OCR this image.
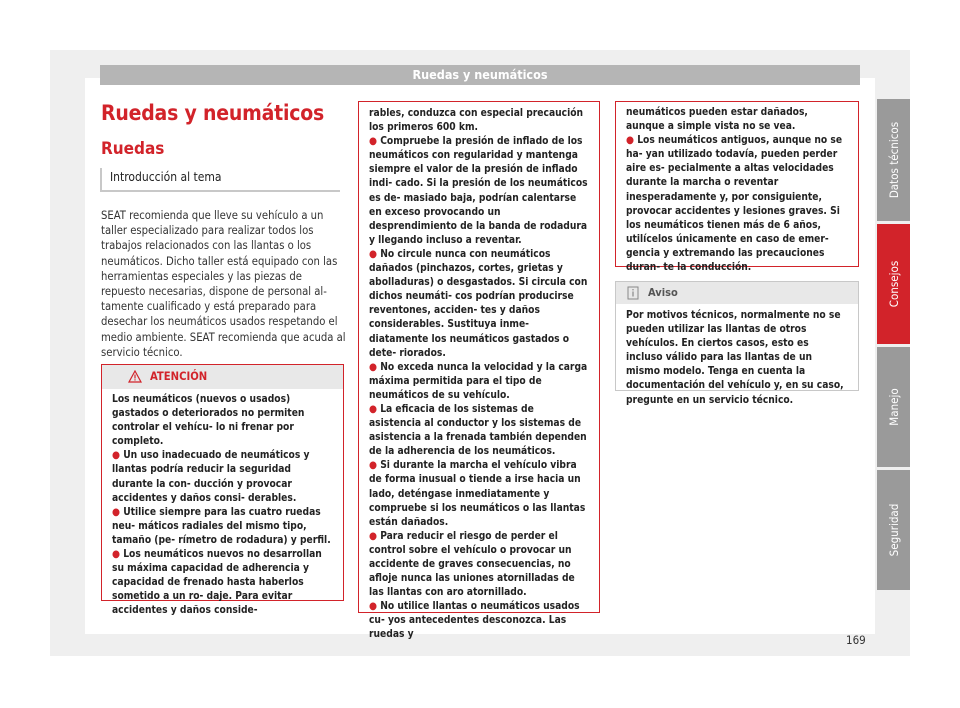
Ruedas y neumáticos
Ruedas y neumáticos
Ruedas
Introducción al tema
SEAT recomienda que lleve su vehículo a un taller especializado para realizar todos los trabajos relacionados con las llantas o los neumáticos. Dicho taller está equipado con las herramientas especiales y las piezas de repuesto necesarias, dispone de personal al- tamente cualificado y está preparado para desechar los neumáticos usados respetando el medio ambiente. SEAT recomienda que acuda al servicio técnico.
ATENCIÓN

Los neumáticos (nuevos o usados) gastados o deteriorados no permiten controlar el vehícu- lo ni frenar por completo.

● Un uso inadecuado de neumáticos y llantas podría reducir la seguridad durante la con- ducción y provocar accidentes y daños consi- derables.

● Utilice siempre para las cuatro ruedas neu- máticos radiales del mismo tipo, tamaño (pe- rímetro de rodadura) y perfil.

● Los neumáticos nuevos no desarrollan su máxima capacidad de adherencia y capacidad de frenado hasta haberlos sometido a un ro- daje. Para evitar accidentes y daños conside-

rables, conduzca con especial precaución los primeros 600 km.

● Compruebe la presión de inflado de los neumáticos con regularidad y mantenga siempre el valor de la presión de inflado indi- cado. Si la presión de los neumáticos es de- masiado baja, podrían calentarse en exceso provocando un desprendimiento de la banda de rodadura y llegando incluso a reventar.

● No circule nunca con neumáticos dañados (pinchazos, cortes, grietas y abolladuras) o desgastados. Si circula con dichos neumáti- cos podrían producirse reventones, acciden- tes y daños considerables. Sustituya inme- diatamente los neumáticos gastados o dete- riorados.

● No exceda nunca la velocidad y la carga máxima permitida para el tipo de neumáticos de su vehículo.

● La eficacia de los sistemas de asistencia al conductor y los sistemas de asistencia a la frenada también dependen de la adherencia de los neumáticos.

● Si durante la marcha el vehículo vibra de forma inusual o tiende a irse hacia un lado, deténgase inmediatamente y compruebe si los neumáticos o las llantas están dañados.

● Para reducir el riesgo de perder el control sobre el vehículo o provocar un accidente de graves consecuencias, no afloje nunca las uniones atornilladas de las llantas con aro atornillado.

● No utilice llantas o neumáticos usados cu- yos antecedentes desconozca. Las ruedas y

neumáticos pueden estar dañados, aunque a simple vista no se vea.

● Los neumáticos antiguos, aunque no se ha- yan utilizado todavía, pueden perder aire es- pecialmente a altas velocidades durante la marcha o reventar inesperadamente y, por consiguiente, provocar accidentes y lesiones graves. Si los neumáticos tienen más de 6 años, utilícelos únicamente en caso de emer- gencia y extremando las precauciones duran- te la conducción.

Aviso
Por motivos técnicos, normalmente no se pueden utilizar las llantas de otros vehículos. En ciertos casos, esto es incluso válido para las llantas de un mismo modelo. Tenga en cuenta la documentación del vehículo y, en su caso, pregunte en un servicio técnico.
Datos técnicos
Consejos
Manejo
Seguridad
169
